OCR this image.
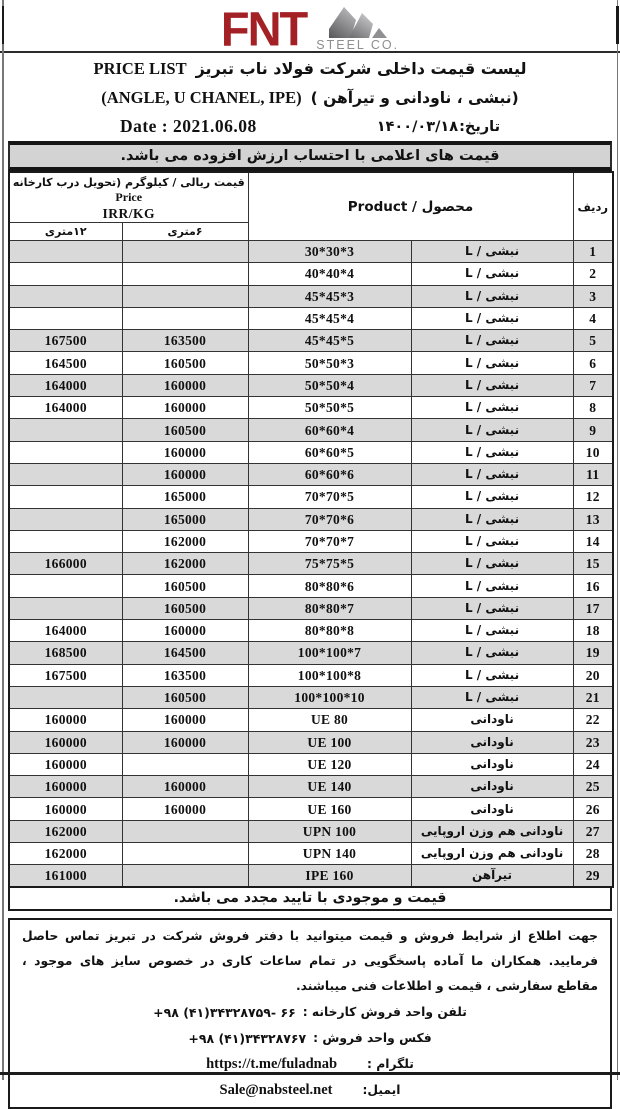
FNT STEEL CO.
لیست قیمت داخلی شرکت فولاد ناب تبریز
PRICE LIST
(نبشی ، ناودانی و تیرآهن )
(ANGLE, U CHANEL, IPE)
Date : 2021.06.08	تاریخ:
۱۴۰۰/۰۳/۱۸
قیمت های اعلامی با احتساب ارزش افزوده می باشد.
قیمت ریالی / کیلوگرم (تحویل درب کارخانه Price
IRR/KG		محصول / Product		ردیف
۱۲متری	۶متری			
		30*30*3	نبشی / L	1
		40*40*4	نبشی / L	2
		45*45*3	نبشی / L	3
		45*45*4	نبشی / L	4
167500	163500	45*45*5	نبشی / L	5
164500	160500	50*50*3	نبشی / L	6
164000	160000	50*50*4	نبشی / L	7
164000	160000	50*50*5	نبشی / L	8
	160500	60*60*4	نبشی / L	9
	160000	60*60*5	نبشی / L	10
	160000	60*60*6	نبشی / L	11
	165000	70*70*5	نبشی / L	12
	165000	70*70*6	نبشی / L	13
	162000	70*70*7	نبشی / L	14
166000	162000	75*75*5	نبشی / L	15
	160500	80*80*6	نبشی / L	16
	160500	80*80*7	نبشی / L	17
164000	160000	80*80*8	نبشی / L	18
168500	164500	100*100*7	نبشی / L	19
167500	163500	100*100*8	نبشی / L	20
	160500	100*100*10	نبشی / L	21
160000	160000	UE 80	ناودانی	22
160000	160000	UE 100	ناودانی	23
160000		UE 120	ناودانی	24
160000	160000	UE 140	ناودانی	25
160000	160000	UE 160	ناودانی	26
162000		UPN 100	ناودانی هم وزن اروپایی	27
162000		UPN 140	ناودانی هم وزن اروپایی	28
161000		IPE 160	تیرآهن	29
قیمت و موجودی با تایید مجدد می باشد.

جهت اطلاع از شرایط فروش و قیمت میتوانید با دفتر فروش شرکت در تبریز تماس حاصل فرمایید. همکاران ما آماده پاسخگویی در تمام ساعات کاری در خصوص سایز های موجود ، مقاطع سفارشی ، قیمت و اطلاعات فنی میباشند.

تلفن واحد فروش کارخانه :
+۹۸ (۴۱)۳۴۳۲۸۷۵۹- ۶۶
فکس واحد فروش :
+۹۸ (۴۱)۳۴۳۲۸۷۶۷
تلگرام :
https://t.me/fuladnab
ایمیل:
Sale@nabsteel.net
